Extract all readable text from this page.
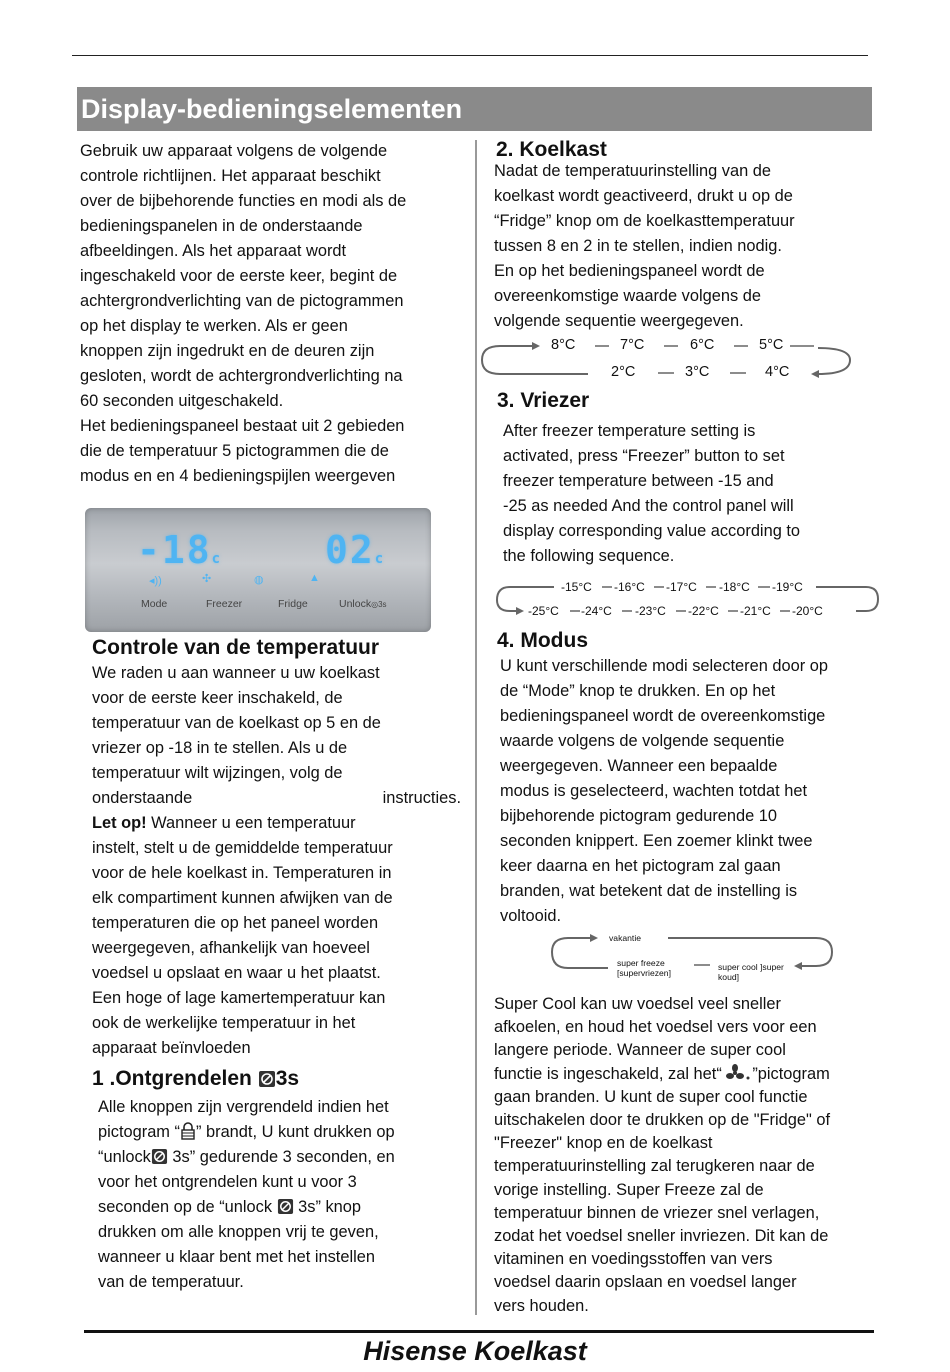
Display-bedieningselementen
Gebruik uw apparaat volgens de volgende
controle richtlijnen. Het apparaat beschikt
over de bijbehorende functies en modi als de
bedieningspanelen in de onderstaande
afbeeldingen. Als het apparaat wordt
ingeschakeld voor de eerste keer, begint de
achtergrondverlichting van de pictogrammen
op het display te werken. Als er geen
knoppen zijn ingedrukt en de deuren zijn
gesloten, wordt de achtergrondverlichting na
60 seconden uitgeschakeld.
Het bedieningspaneel bestaat uit 2 gebieden
die de temperatuur 5 pictogrammen die de
modus en en 4 bedieningspijlen weergeven
-18c	02c
◂))	✣	◍	▲
Mode	Freezer	Fridge	Unlock◎3s
Controle van de temperatuur
We raden u aan wanneer u uw koelkast
voor de eerste keer inschakeld, de
temperatuur van de koelkast op 5 en de
vriezer op -18 in te stellen. Als u de
temperatuur wilt wijzingen, volg de
onderstaande instructies.
Let op! Wanneer u een temperatuur
instelt, stelt u de gemiddelde temperatuur
voor de hele koelkast in. Temperaturen in
elk compartiment kunnen afwijken van de
temperaturen die op het paneel worden
weergegeven, afhankelijk van hoeveel
voedsel u opslaat en waar u het plaatst.
Een hoge of lage kamertemperatuur kan
ook de werkelijke temperatuur in het
apparaat beïnvloeden
1 .Ontgrendelen 3s
Alle knoppen zijn vergrendeld indien het
pictogram “ ” brandt, U kunt drukken op
“unlock 3s” gedurende 3 seconden, en
voor het ontgrendelen kunt u voor 3
seconden op de “unlock  3s” knop
drukken om alle knoppen vrij te geven,
wanneer u klaar bent met het instellen
van de temperatuur.
2. Koelkast
Nadat de temperatuurinstelling van de
koelkast wordt geactiveerd, drukt u op de
“Fridge” knop om de koelkasttemperatuur
tussen 8 en 2 in te stellen, indien nodig.
En op het bedieningspaneel wordt de
overeenkomstige waarde volgens de
volgende sequentie weergegeven.
8°C	7°C	6°C	5°C
2°C	3°C	4°C
3. Vriezer
After freezer temperature setting is
activated, press “Freezer” button to set
freezer temperature between -15 and
-25 as needed And the control panel will
display corresponding value according to
the following sequence.
-15°C -16°C -17°C -18°C -19°C
-25°C -24°C -23°C -22°C -21°C -20°C
4. Modus
U kunt verschillende modi selecteren door op
de “Mode” knop te drukken. En op het
bedieningspaneel wordt de overeenkomstige
waarde volgens de volgende sequentie
weergegeven. Wanneer een bepaalde
modus is geselecteerd, wachten totdat het
bijbehorende pictogram gedurende 10
seconden knippert. Een zoemer klinkt twee
keer daarna en het pictogram zal gaan
branden, wat betekent dat de instelling is
voltooid.
vakantie
super freeze
[supervriezen]
super cool ]super
koud]
Super Cool kan uw voedsel veel sneller
afkoelen, en houd het voedsel vers voor een
langere periode. Wanneer de super cool
functie is ingeschakeld, zal het“ ”pictogram
gaan branden. U kunt de super cool functie
uitschakelen door te drukken op de "Fridge" of
"Freezer" knop en de koelkast
temperatuurinstelling zal terugkeren naar de
vorige instelling. Super Freeze zal de
temperatuur binnen de vriezer snel verlagen,
zodat het voedsel sneller invriezen. Dit kan de
vitaminen en voedingsstoffen van vers
voedsel daarin opslaan en voedsel langer
vers houden.
Hisense Koelkast
